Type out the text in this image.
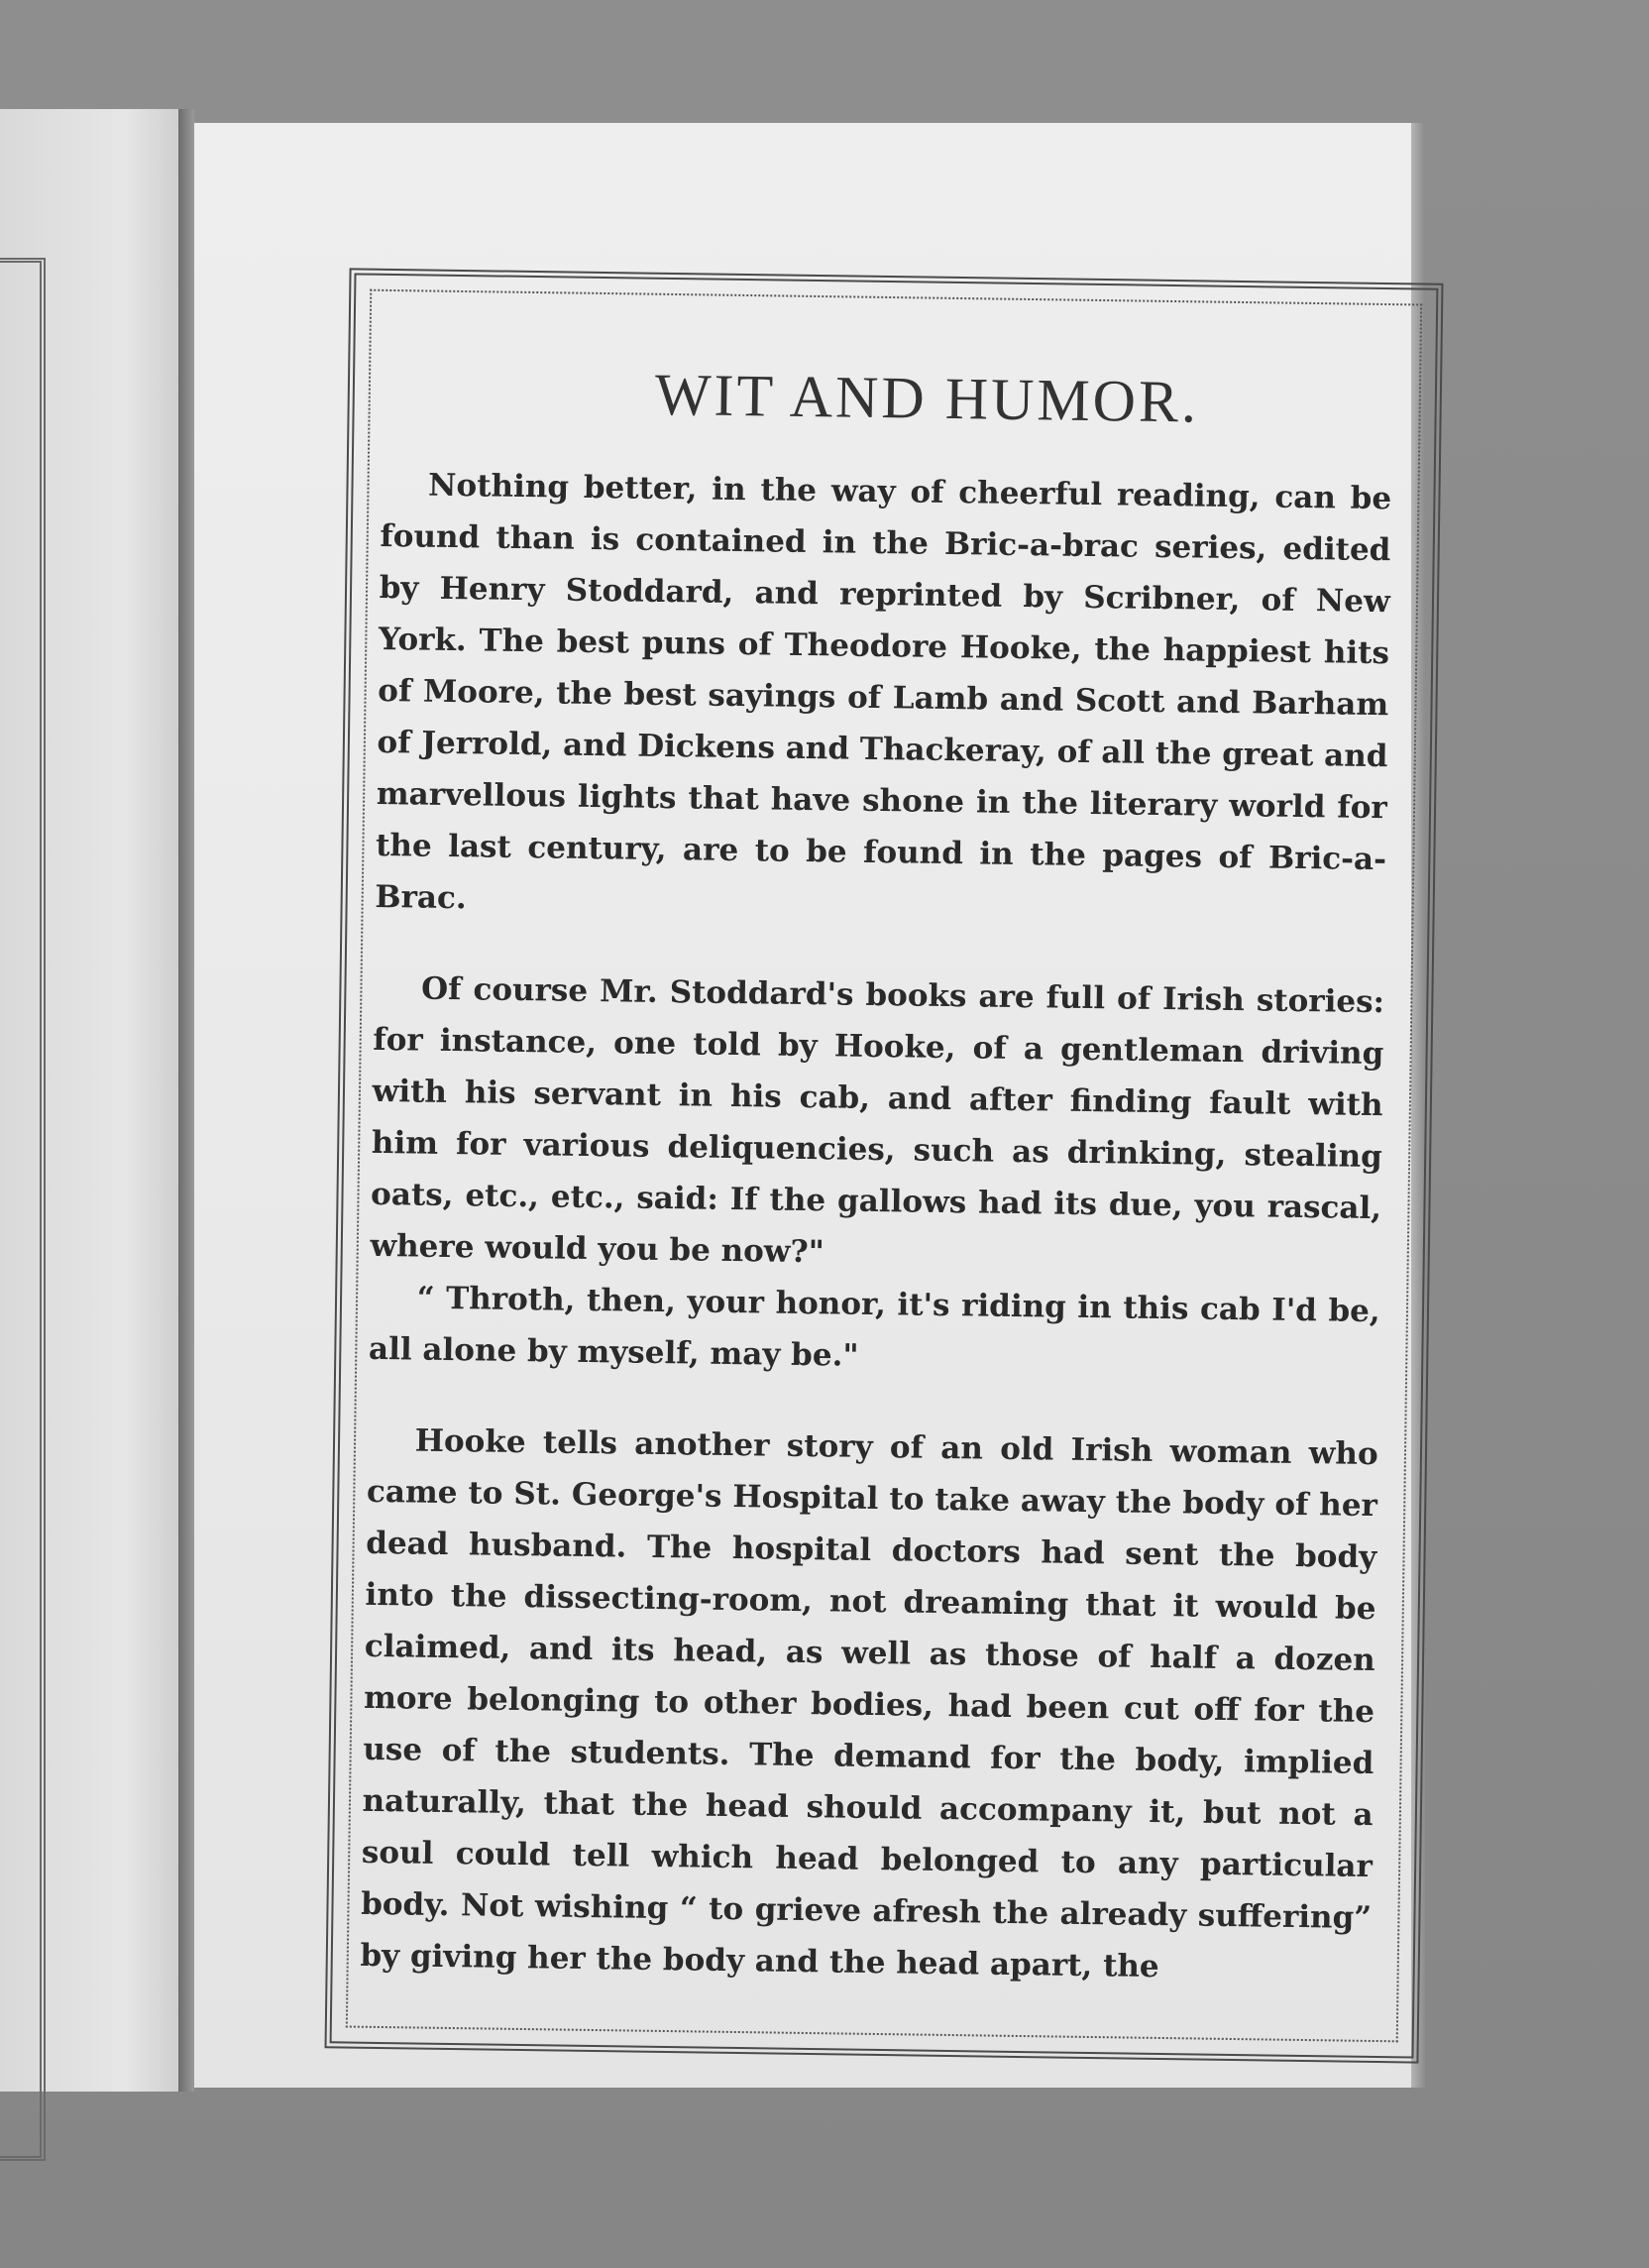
WIT AND HUMOR.

Nothing better, in the way of cheerful reading, can be found than is contained in the Bric-a-brac series, edited by Henry Stoddard, and reprinted by Scribner, of New York. The best puns of Theodore Hooke, the happiest hits of Moore, the best sayings of Lamb and Scott and Barham of Jerrold, and Dickens and Thackeray, of all the great and marvellous lights that have shone in the literary world for the last century, are to be found in the pages of Bric-a-Brac.

Of course Mr. Stoddard's books are full of Irish stories: for instance, one told by Hooke, of a gentleman driving with his servant in his cab, and after finding fault with him for various deliquencies, such as drinking, stealing oats, etc., etc., said: If the gallows had its due, you rascal, where would you be now?"

“ Throth, then, your honor, it's riding in this cab I'd be, all alone by myself, may be."

Hooke tells another story of an old Irish woman who came to St. George's Hospital to take away the body of her dead husband. The hospital doctors had sent the body into the dissecting-room, not dreaming that it would be claimed, and its head, as well as those of half a dozen more belonging to other bodies, had been cut off for the use of the students. The demand for the body, implied naturally, that the head should accompany it, but not a soul could tell which head belonged to any particular body. Not wishing “ to grieve afresh the already suffering” by giving her the body and the head apart, the
